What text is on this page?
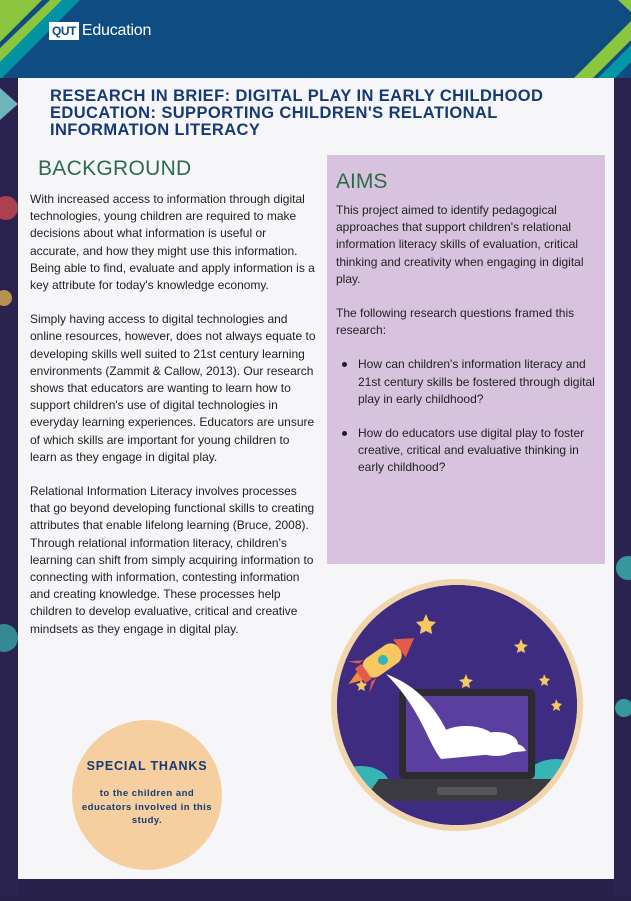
QUT Education
RESEARCH IN BRIEF: DIGITAL PLAY IN EARLY CHILDHOOD EDUCATION: SUPPORTING CHILDREN'S RELATIONAL INFORMATION LITERACY
BACKGROUND

With increased access to information through digital technologies, young children are required to make decisions about what information is useful or accurate, and how they might use this information. Being able to find, evaluate and apply information is a key attribute for today's knowledge economy.

Simply having access to digital technologies and online resources, however, does not always equate to developing skills well suited to 21st century learning environments (Zammit & Callow, 2013). Our research shows that educators are wanting to learn how to support children's use of digital technologies in everyday learning experiences. Educators are unsure of which skills are important for young children to learn as they engage in digital play.

Relational Information Literacy involves processes that go beyond developing functional skills to creating attributes that enable lifelong learning (Bruce, 2008). Through relational information literacy, children's learning can shift from simply acquiring information to connecting with information, contesting information and creating knowledge. These processes help children to develop evaluative, critical and creative mindsets as they engage in digital play.

AIMS

This project aimed to identify pedagogical approaches that support children's relational information literacy skills of evaluation, critical thinking and creativity when engaging in digital play.

The following research questions framed this research:

How can children's information literacy and 21st century skills be fostered through digital play in early childhood?
How do educators use digital play to foster creative, critical and evaluative thinking in early childhood?
SPECIAL THANKS
to the children and educators involved in this study.
